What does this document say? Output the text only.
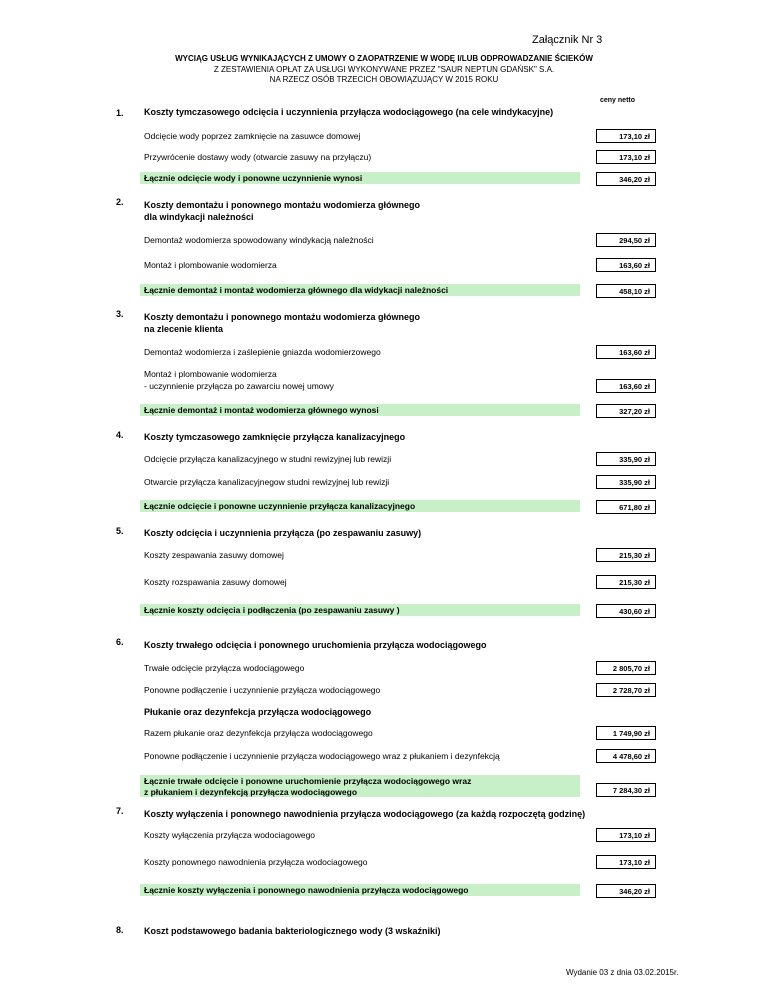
Załącznik Nr 3
WYCIĄG USŁUG WYNIKAJĄCYCH Z UMOWY O ZAOPATRZENIE W WODĘ I/LUB ODPROWADZANIE ŚCIEKÓW
Z ZESTAWIENIA OPŁAT ZA USŁUGI WYKONYWANE PRZEZ "SAUR NEPTUN GDAŃSK" S.A.
NA RZECZ OSÓB TRZECICH OBOWIĄZUJĄCY W 2015 ROKU
ceny netto
1. Koszty tymczasowego odcięcia i uczynnienia przyłącza wodociągowego (na cele windykacyjne)
Odcięcie wody poprzez zamknięcie na zasuwce domowej	173,10 zł
Przywrócenie dostawy wody (otwarcie zasuwy na przyłączu)	173,10 zł
Łącznie odcięcie wody i ponowne uczynnienie wynosi	346,20 zł
2. Koszty demontażu i ponownego montażu wodomierza głównego
dla windykacji należności
Demontaż wodomierza spowodowany windykacją należności	294,50 zł
Montaż i plombowanie wodomierza	163,60 zł
Łącznie demontaż i montaż wodomierza głównego dla widykacji należności	458,10 zł
3. Koszty demontażu i ponownego montażu wodomierza głównego
na zlecenie klienta
Demontaż wodomierza i zaślepienie gniazda wodomierzowego	163,60 zł
Montaż i plombowanie wodomierza
- uczynnienie przyłącza po zawarciu nowej umowy	163,60 zł
Łącznie demontaż i montaż wodomierza głównego wynosi	327,20 zł
4. Koszty tymczasowego zamknięcie przyłącza kanalizacyjnego
Odcięcie przyłącza kanalizacyjnego w studni rewizyjnej lub rewizji	335,90 zł
Otwarcie przyłącza kanalizacyjnegow studni rewizyjnej lub rewizji	335,90 zł
Łącznie odcięcie i ponowne uczynnienie przyłącza kanalizacyjnego	671,80 zł
5. Koszty odcięcia i uczynnienia przyłącza (po zespawaniu zasuwy)
Koszty zespawania zasuwy domowej	215,30 zł
Koszty rozspawania zasuwy domowej	215,30 zł
Łącznie koszty odcięcia i podłączenia (po zespawaniu zasuwy )	430,60 zł
6. Koszty trwałego odcięcia i ponownego uruchomienia przyłącza wodociągowego
Trwałe odcięcie przyłącza wodociągowego	2 805,70 zł
Ponowne podłączenie i uczynnienie przyłącza wodociągowego	2 728,70 zł
Płukanie oraz dezynfekcja przyłącza wodociągowego
Razem płukanie oraz dezynfekcja przyłącza wodociągowego	1 749,90 zł
Ponowne podłączenie i uczynnienie przyłącza wodociągowego wraz z płukaniem i dezynfekcją	4 478,60 zł
Łącznie trwałe odcięcie i ponowne uruchomienie przyłącza wodociągowego wraz
z płukaniem i dezynfekcją przyłącza wodociągowego	7 284,30 zł
7. Koszty wyłączenia i ponownego nawodnienia przyłącza wodociągowego (za każdą rozpoczętą godzinę)
Koszty wyłączenia przyłącza wodociagowego	173,10 zł
Koszty ponownego nawodnienia przyłącza wodociagowego	173,10 zł
Łącznie koszty wyłączenia i ponownego nawodnienia przyłącza wodociągowego	346,20 zł
8. Koszt podstawowego badania bakteriologicznego wody (3 wskaźniki)
Wydanie 03 z dnia 03.02.2015r.
